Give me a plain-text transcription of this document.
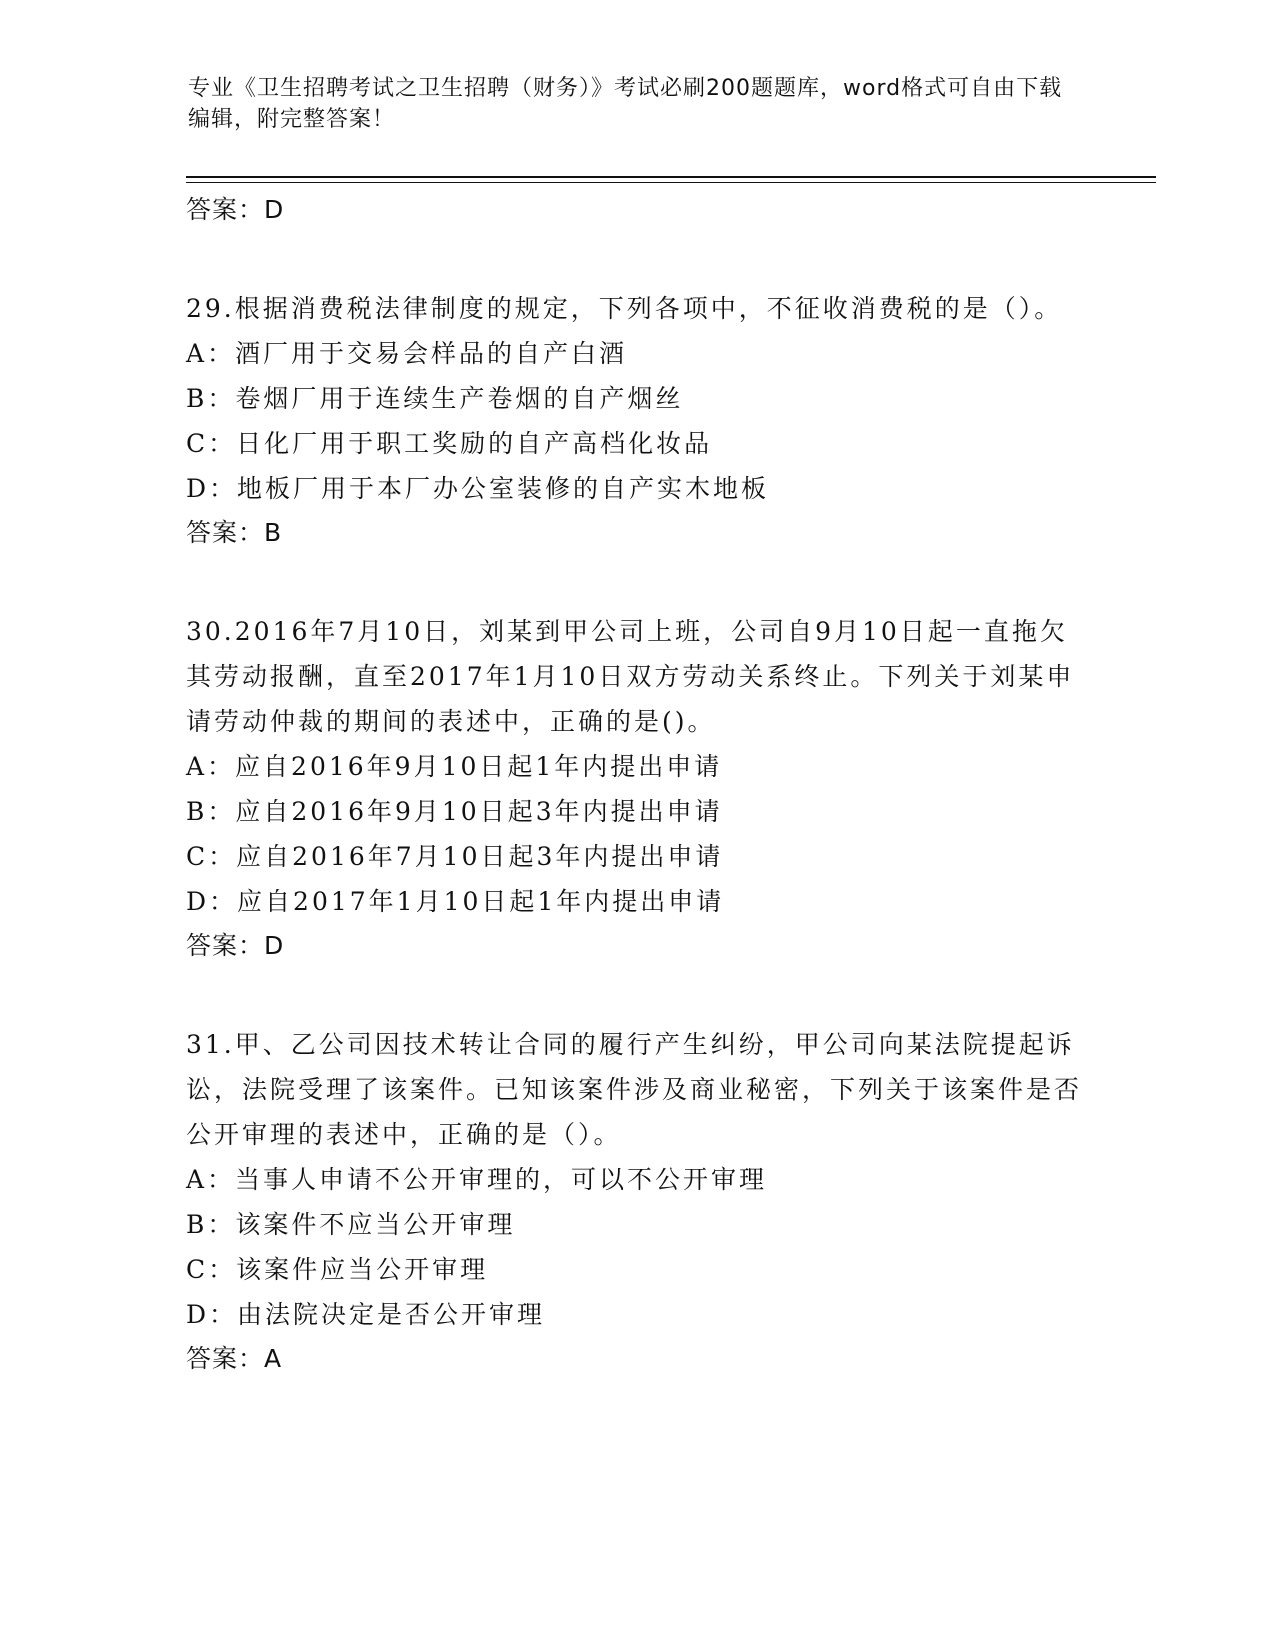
专业《卫生招聘考试之卫生招聘（财务）》考试必刷200题题库，word格式可自由下载编辑，附完整答案！

答案：D

29.根据消费税法律制度的规定，下列各项中，不征收消费税的是（）。

A：酒厂用于交易会样品的自产白酒

B：卷烟厂用于连续生产卷烟的自产烟丝

C：日化厂用于职工奖励的自产高档化妆品

D：地板厂用于本厂办公室装修的自产实木地板

答案：B

30.2016年7月10日，刘某到甲公司上班，公司自9月10日起一直拖欠其劳动报酬，直至2017年1月10日双方劳动关系终止。下列关于刘某申请劳动仲裁的期间的表述中，正确的是()。

A：应自2016年9月10日起1年内提出申请

B：应自2016年9月10日起3年内提出申请

C：应自2016年7月10日起3年内提出申请

D：应自2017年1月10日起1年内提出申请

答案：D

31.甲、乙公司因技术转让合同的履行产生纠纷，甲公司向某法院提起诉讼，法院受理了该案件。已知该案件涉及商业秘密，下列关于该案件是否公开审理的表述中，正确的是（）。

A：当事人申请不公开审理的，可以不公开审理

B：该案件不应当公开审理

C：该案件应当公开审理

D：由法院决定是否公开审理

答案：A
